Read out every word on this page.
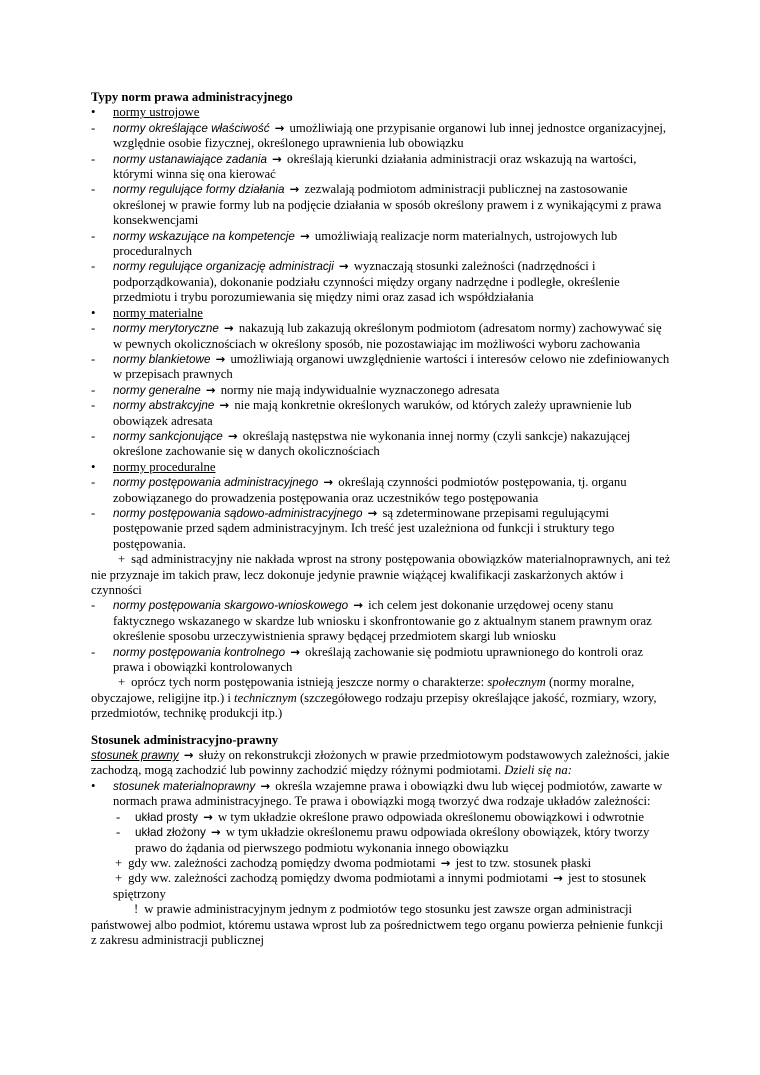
Typy norm prawa administracyjnego
•	normy ustrojowe
-	normy określające właściwość → umożliwiają one przypisanie organowi lub innej jednostce organizacyjnej, względnie osobie fizycznej, określonego uprawnienia lub obowiązku
-	normy ustanawiające zadania → określają kierunki działania administracji oraz wskazują na wartości, którymi winna się ona kierować
-	normy regulujące formy działania → zezwalają podmiotom administracji publicznej na zastosowanie określonej w prawie formy lub na podjęcie działania w sposób określony prawem i z wynikającymi z prawa konsekwencjami
-	normy wskazujące na kompetencje → umożliwiają realizacje norm materialnych, ustrojowych lub proceduralnych
-	normy regulujące organizację administracji → wyznaczają stosunki zależności (nadrzędności i podporządkowania), dokonanie podziału czynności między organy nadrzędne i podległe, określenie przedmiotu i trybu porozumiewania się między nimi oraz zasad ich współdziałania
•	normy materialne
-	normy merytoryczne → nakazują lub zakazują określonym podmiotom (adresatom normy) zachowywać się w pewnych okolicznościach w określony sposób, nie pozostawiając im możliwości wyboru zachowania
-	normy blankietowe → umożliwiają organowi uwzględnienie wartości i interesów celowo nie zdefiniowanych w przepisach prawnych
-	normy generalne → normy nie mają indywidualnie wyznaczonego adresata
-	normy abstrakcyjne → nie mają konkretnie określonych waruków, od których zależy uprawnienie lub obowiązek adresata
-	normy sankcjonujące → określają następstwa nie wykonania innej normy (czyli sankcje) nakazującej określone zachowanie się w danych okolicznościach
•	normy proceduralne
-	normy postępowania administracyjnego → określają czynności podmiotów postępowania, tj. organu zobowiązanego do prowadzenia postępowania oraz uczestników tego postępowania
-	normy postępowania sądowo-administracyjnego → są zdeterminowane przepisami regulującymi postępowanie przed sądem administracyjnym. Ich treść jest uzależniona od funkcji i struktury tego postępowania.

+ sąd administracyjny nie nakłada wprost na strony postępowania obowiązków materialnoprawnych, ani też nie przyznaje im takich praw, lecz dokonuje jedynie prawnie wiążącej kwalifikacji zaskarżonych aktów i czynności

-	normy postępowania skargowo-wnioskowego → ich celem jest dokonanie urzędowej oceny stanu faktycznego wskazanego w skardze lub wniosku i skonfrontowanie go z aktualnym stanem prawnym oraz określenie sposobu urzeczywistnienia sprawy będącej przedmiotem skargi lub wniosku
-	normy postępowania kontrolnego → określają zachowanie się podmiotu uprawnionego do kontroli oraz prawa i obowiązki kontrolowanych

+ oprócz tych norm postępowania istnieją jeszcze normy o charakterze: społecznym (normy moralne, obyczajowe, religijne itp.) i technicznym (szczegółowego rodzaju przepisy określające jakość, rozmiary, wzory, przedmiotów, technikę produkcji itp.)

Stosunek administracyjno-prawny

stosunek prawny → służy on rekonstrukcji złożonych w prawie przedmiotowym podstawowych zależności, jakie zachodzą, mogą zachodzić lub powinny zachodzić między różnymi podmiotami. Dzieli się na:

•	stosunek materialnoprawny → określa wzajemne prawa i obowiązki dwu lub więcej podmiotów, zawarte w normach prawa administracyjnego. Te prawa i obowiązki mogą tworzyć dwa rodzaje układów zależności:
-	układ prosty → w tym układzie określone prawo odpowiada określonemu obowiązkowi i odwrotnie
-	układ złożony → w tym układzie określonemu prawu odpowiada określony obowiązek, który tworzy prawo do żądania od pierwszego podmiotu wykonania innego obowiązku

+ gdy ww. zależności zachodzą pomiędzy dwoma podmiotami → jest to tzw. stosunek płaski

+ gdy ww. zależności zachodzą pomiędzy dwoma podmiotami a innymi podmiotami → jest to stosunek spiętrzony

! w prawie administracyjnym jednym z podmiotów tego stosunku jest zawsze organ administracji państwowej albo podmiot, któremu ustawa wprost lub za pośrednictwem tego organu powierza pełnienie funkcji z zakresu administracji publicznej
